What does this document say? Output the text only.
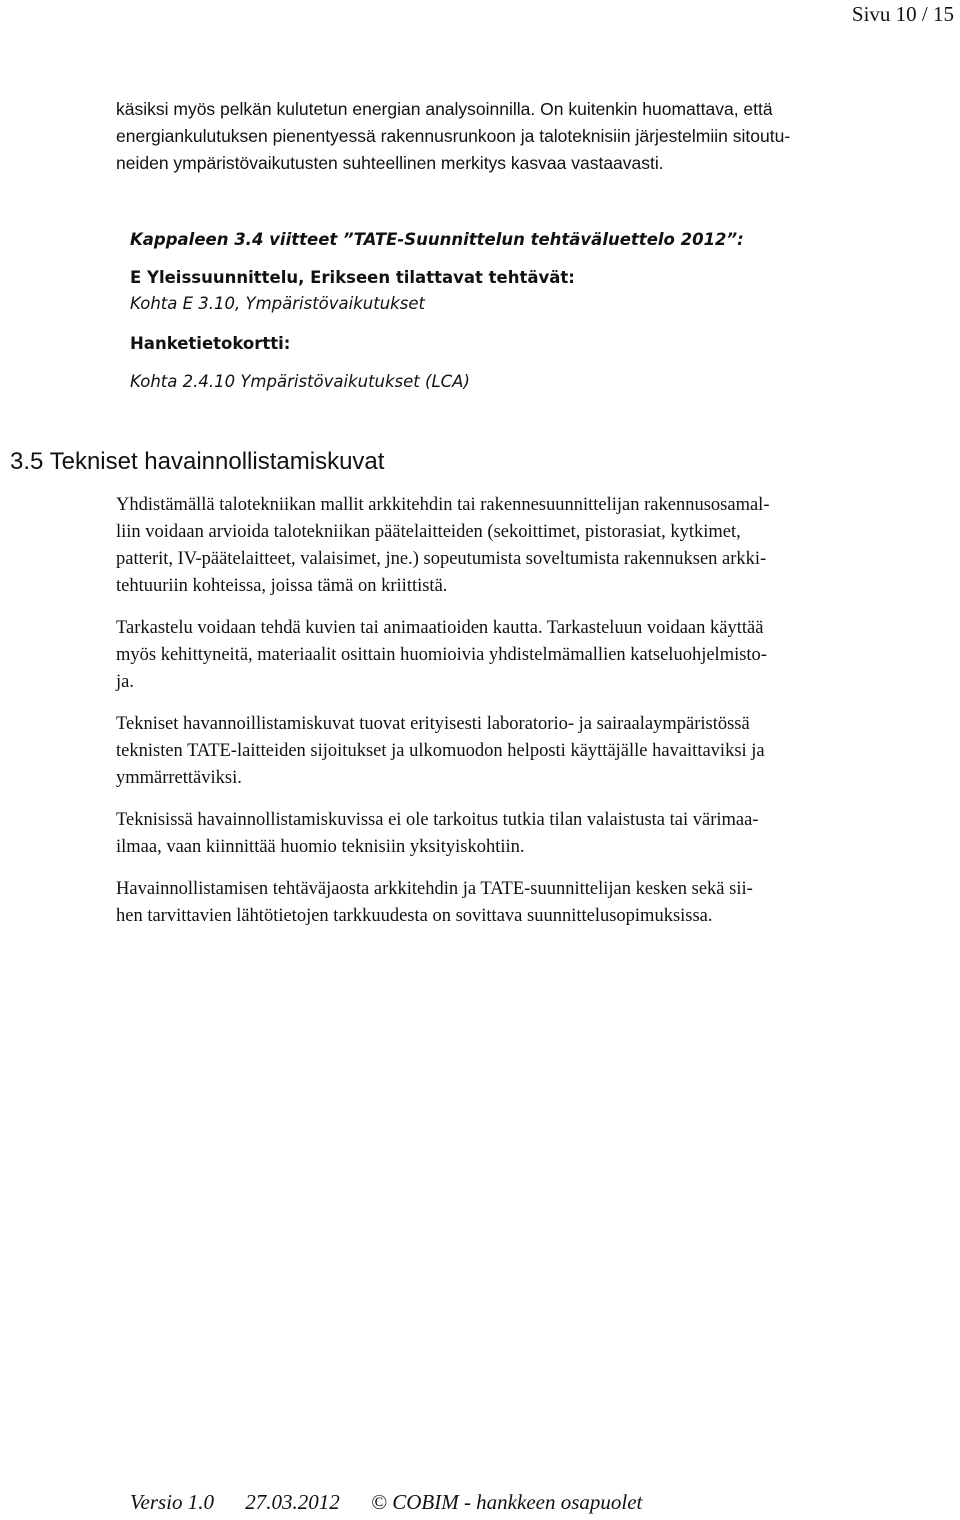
Sivu 10 / 15
käsiksi myös pelkän kulutetun energian analysoinnilla. On kuitenkin huomattava, että
energiankulutuksen pienentyessä rakennusrunkoon ja taloteknisiin järjestelmiin sitoutu-
neiden ympäristövaikutusten suhteellinen merkitys kasvaa vastaavasti.
Kappaleen 3.4 viitteet ”TATE-Suunnittelun tehtäväluettelo 2012”:
E Yleissuunnittelu, Erikseen tilattavat tehtävät:
Kohta E 3.10, Ympäristövaikutukset
Hanketietokortti:
Kohta 2.4.10 Ympäristövaikutukset (LCA)
3.5 Tekniset havainnollistamiskuvat

Yhdistämällä talotekniikan mallit arkkitehdin tai rakennesuunnittelijan rakennusosamal-
liin voidaan arvioida talotekniikan päätelaitteiden (sekoittimet, pistorasiat, kytkimet,
patterit, IV-päätelaitteet, valaisimet, jne.) sopeutumista soveltumista rakennuksen arkki-
tehtuuriin kohteissa, joissa tämä on kriittistä.

Tarkastelu voidaan tehdä kuvien tai animaatioiden kautta. Tarkasteluun voidaan käyttää
myös kehittyneitä, materiaalit osittain huomioivia yhdistelmämallien katseluohjelmisto-
ja.

Tekniset havannoillistamiskuvat tuovat erityisesti laboratorio- ja sairaalaympäristössä
teknisten TATE-laitteiden sijoitukset ja ulkomuodon helposti käyttäjälle havaittaviksi ja
ymmärrettäviksi.

Teknisissä havainnollistamiskuvissa ei ole tarkoitus tutkia tilan valaistusta tai värimaa-
ilmaa, vaan kiinnittää huomio teknisiin yksityiskohtiin.

Havainnollistamisen tehtäväjaosta arkkitehdin ja TATE-suunnittelijan kesken sekä sii-
hen tarvittavien lähtötietojen tarkkuudesta on sovittava suunnittelusopimuksissa.

Versio 1.0 27.03.2012 © COBIM - hankkeen osapuolet
